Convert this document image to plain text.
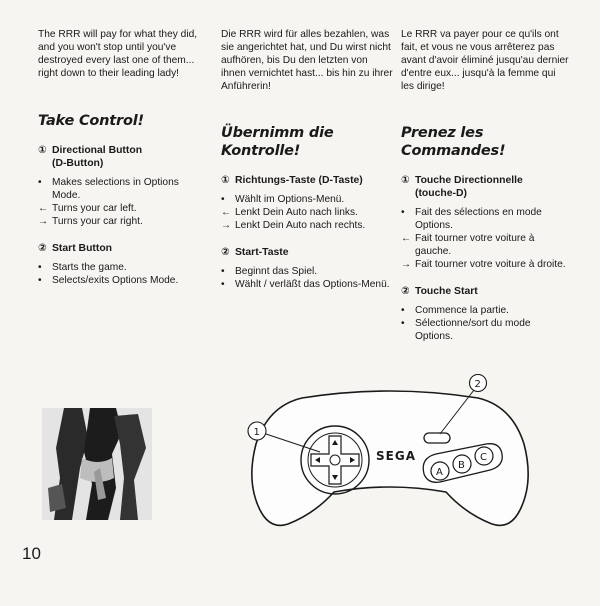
The RRR will pay for what they did, and you won't stop until you've destroyed every last one of them... right down to their leading lady!

Take Control!
① Directional Button
(D-Button)
• Makes selections in Options Mode.
← Turns your car left.
→ Turns your car right.
② Start Button
• Starts the game.
• Selects/exits Options Mode.

Die RRR wird für alles bezahlen, was sie angerichtet hat, und Du wirst nicht aufhören, bis Du den letzten von ihnen vernichtet hast... bis hin zu ihrer Anführerin!

Übernimm die Kontrolle!
① Richtungs-Taste (D-Taste)
• Wählt im Options-Menü.
← Lenkt Dein Auto nach links.
→ Lenkt Dein Auto nach rechts.
② Start-Taste
• Beginnt das Spiel.
• Wählt / verläßt das Options-Menü.

Le RRR va payer pour ce qu'ils ont fait, et vous ne vous arrêterez pas avant d'avoir éliminé jusqu'au dernier d'entre eux... jusqu'à la femme qui les dirige!

Prenez les Commandes!
① Touche Directionnelle
(touche-D)
• Fait des sélections en mode Options.
← Fait tourner votre voiture à gauche.
→ Fait tourner votre voiture à droite.
② Touche Start
• Commence la partie.
• Sélectionne/sort du mode Options.
10
SEGA
A
B
C
1
2
